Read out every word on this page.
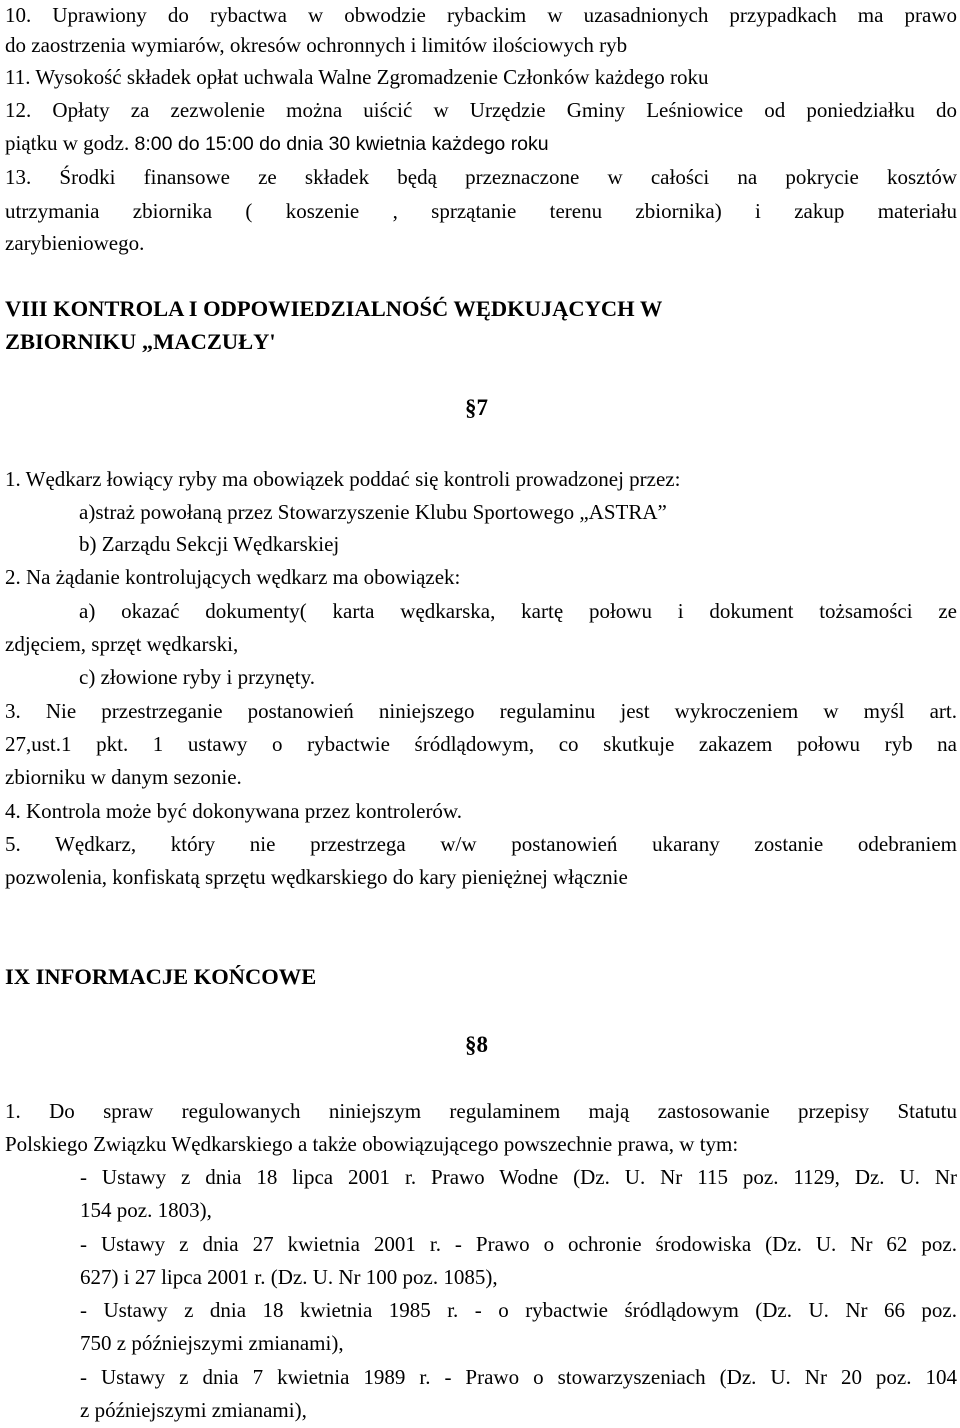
10. Uprawiony do rybactwa w obwodzie rybackim w uzasadnionych przypadkach ma prawo
do zaostrzenia wymiarów, okresów ochronnych i limitów ilościowych ryb
11. Wysokość składek opłat uchwala Walne Zgromadzenie Członków każdego roku
12. Opłaty za zezwolenie można uiścić w Urzędzie Gminy Leśniowice od poniedziałku do
piątku w godz. 8:00 do 15:00 do dnia 30 kwietnia każdego roku
13. Środki finansowe ze składek będą przeznaczone w całości na pokrycie kosztów
utrzymania zbiornika ( koszenie , sprzątanie terenu zbiornika) i zakup materiału
zarybieniowego.
VIII KONTROLA I ODPOWIEDZIALNOŚĆ WĘDKUJĄCYCH W
ZBIORNIKU „MACZUŁY'
§7
1. Wędkarz łowiący ryby ma obowiązek poddać się kontroli prowadzonej przez:
a)straż powołaną przez Stowarzyszenie Klubu Sportowego „ASTRA”
b) Zarządu Sekcji Wędkarskiej
2. Na żądanie kontrolujących wędkarz ma obowiązek:
a) okazać dokumenty( karta wędkarska, kartę połowu i dokument tożsamości ze
zdjęciem, sprzęt wędkarski,
c) złowione ryby i przynęty.
3. Nie przestrzeganie postanowień niniejszego regulaminu jest wykroczeniem w myśl art.
27,ust.1 pkt. 1 ustawy o rybactwie śródlądowym, co skutkuje zakazem połowu ryb na
zbiorniku w danym sezonie.
4. Kontrola może być dokonywana przez kontrolerów.
5. Wędkarz, który nie przestrzega w/w postanowień ukarany zostanie odebraniem
pozwolenia, konfiskatą sprzętu wędkarskiego do kary pieniężnej włącznie
IX INFORMACJE KOŃCOWE
§8
1. Do spraw regulowanych niniejszym regulaminem mają zastosowanie przepisy Statutu
Polskiego Związku Wędkarskiego a także obowiązującego powszechnie prawa, w tym:
- Ustawy z dnia 18 lipca 2001 r. Prawo Wodne (Dz. U. Nr 115 poz. 1129, Dz. U. Nr
154 poz. 1803),
- Ustawy z dnia 27 kwietnia 2001 r. - Prawo o ochronie środowiska (Dz. U. Nr 62 poz.
627) i 27 lipca 2001 r. (Dz. U. Nr 100 poz. 1085),
- Ustawy z dnia 18 kwietnia 1985 r. - o rybactwie śródlądowym (Dz. U. Nr 66 poz.
750 z późniejszymi zmianami),
- Ustawy z dnia 7 kwietnia 1989 r. - Prawo o stowarzyszeniach (Dz. U. Nr 20 poz. 104
z późniejszymi zmianami),
